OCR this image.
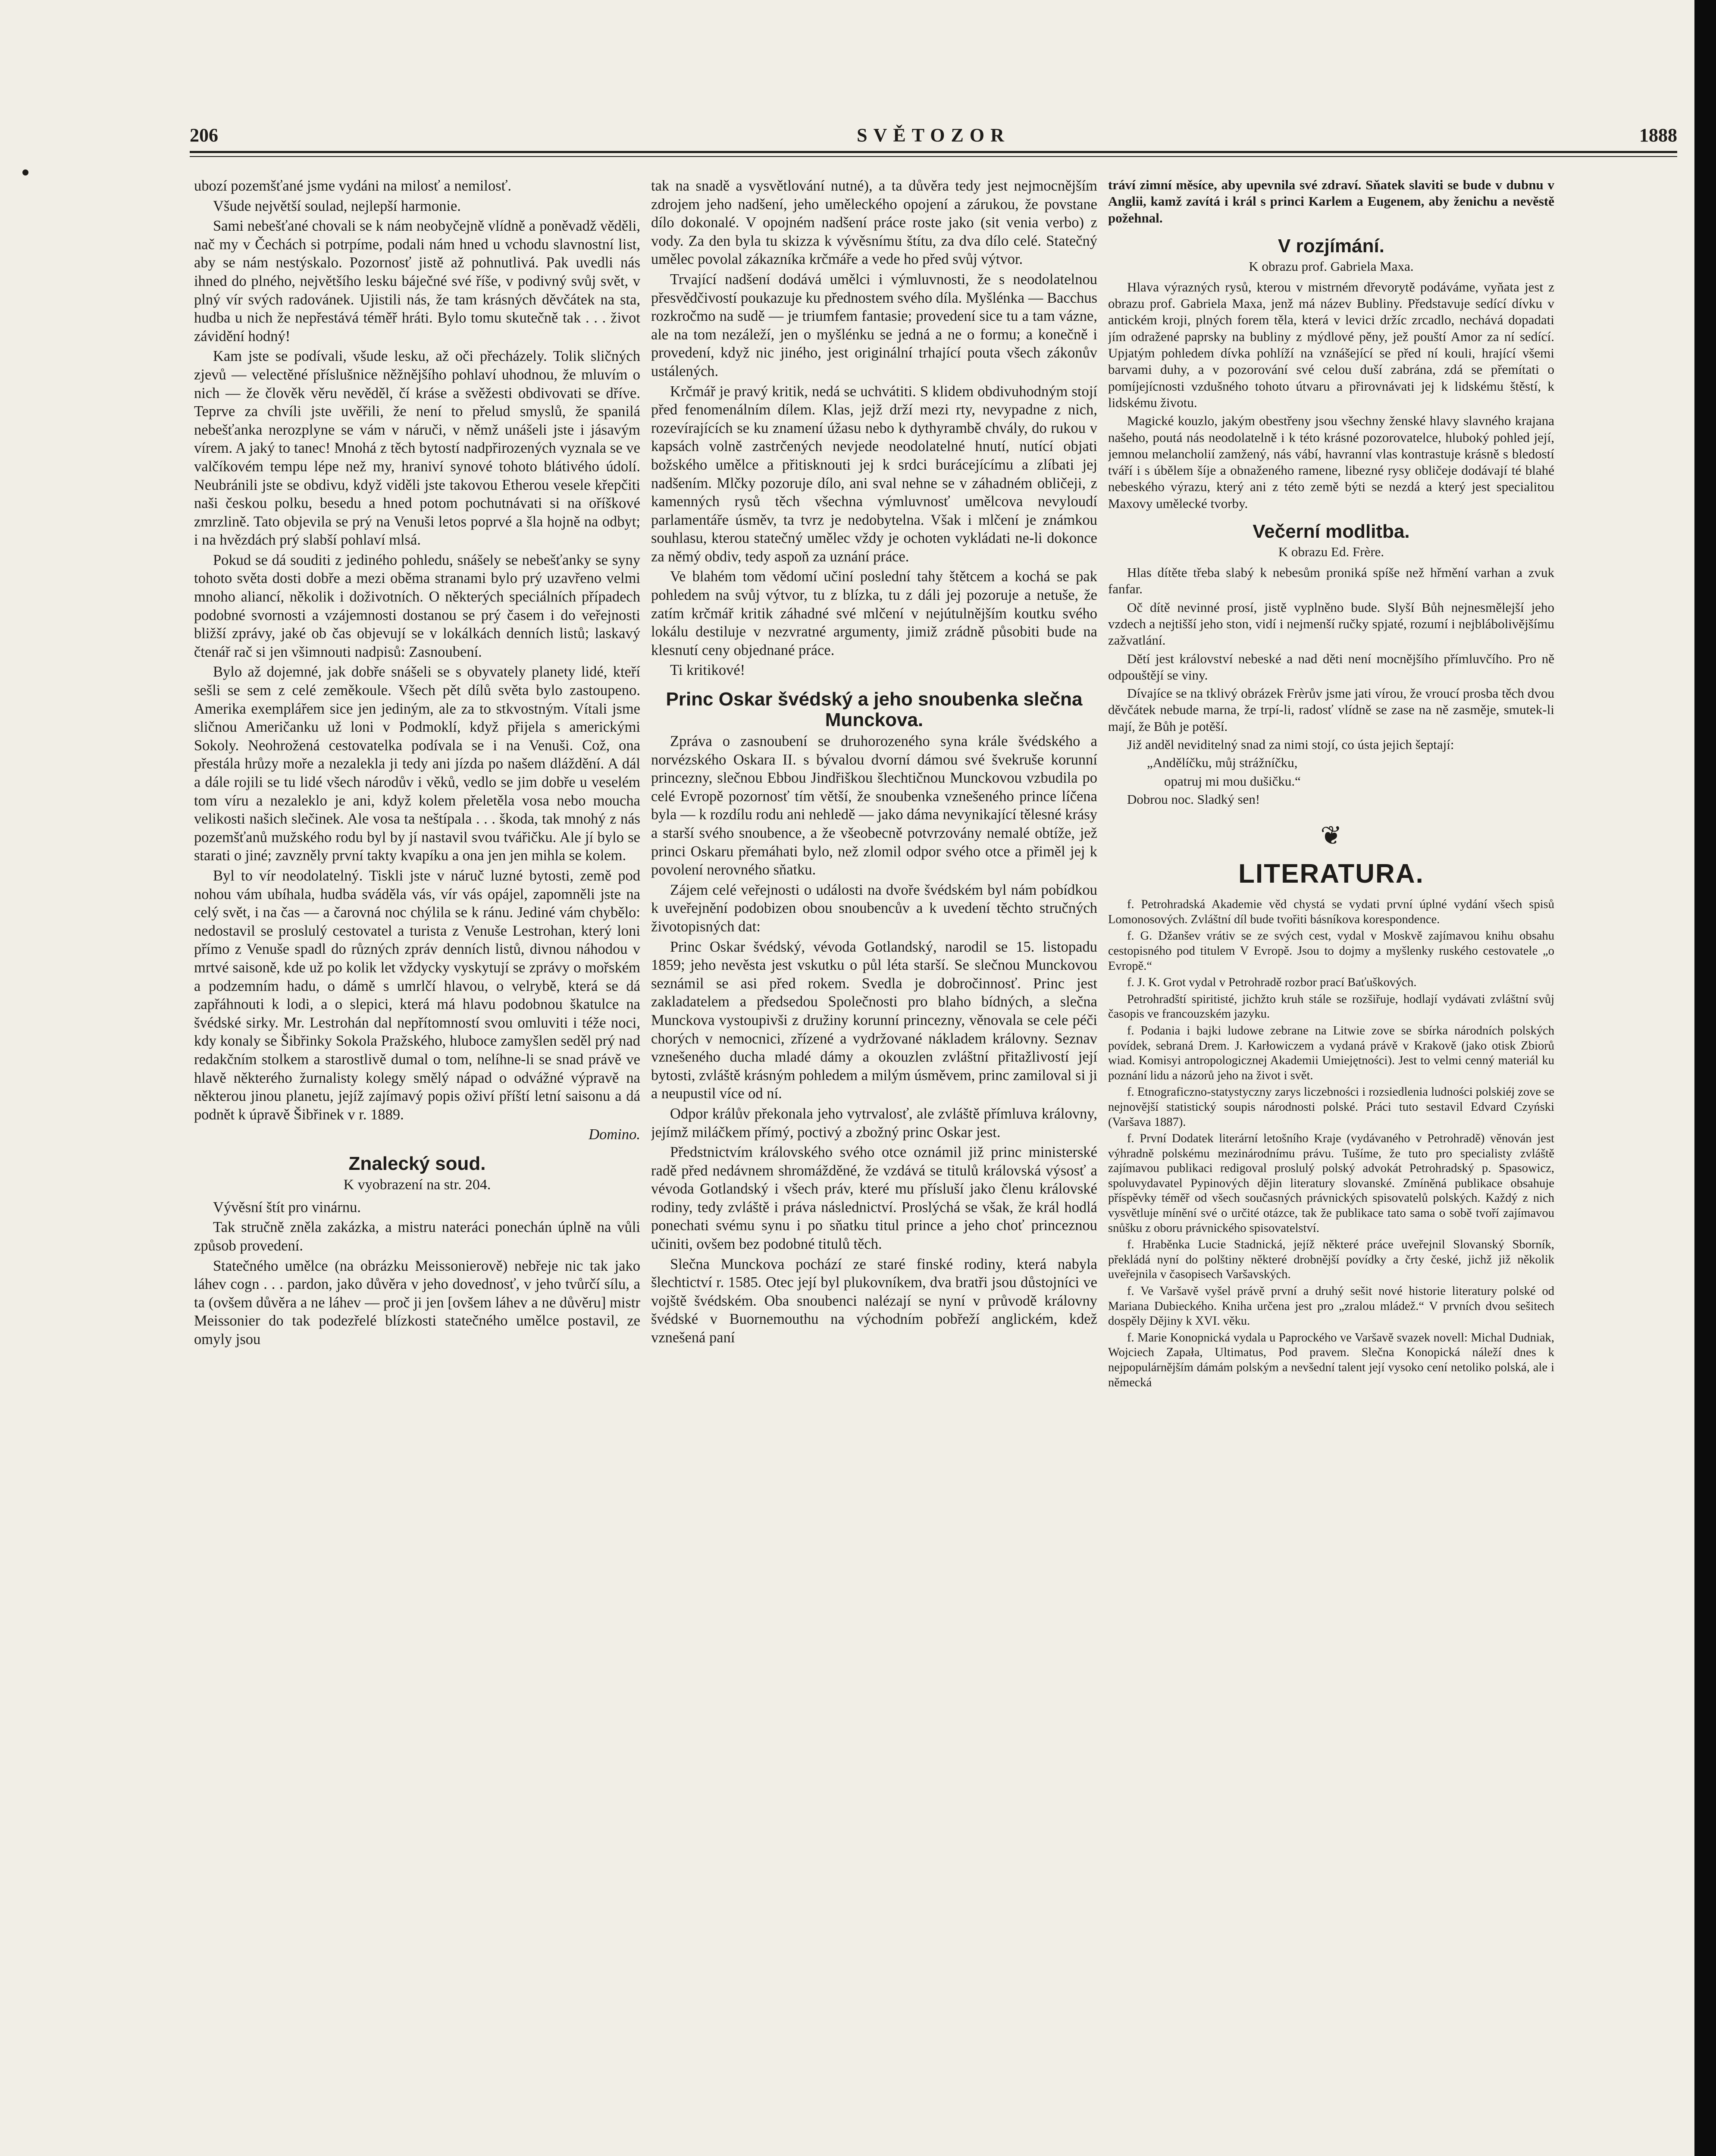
206	SVĚTOZOR	1888

ubozí pozemšťané jsme vydáni na milosť a nemilosť.

Všude největší soulad, nejlepší harmonie.

Sami nebešťané chovali se k nám neobyčejně vlídně a poněvadž věděli, nač my v Čechách si potrpíme, podali nám hned u vchodu slavnostní list, aby se nám nestýskalo. Pozornosť jistě až pohnutlivá. Pak uvedli nás ihned do plného, největšího lesku báječné své říše, v podivný svůj svět, v plný vír svých radovánek. Ujistili nás, že tam krásných děvčátek na sta, hudba u nich že nepřestává téměř hráti. Bylo tomu skutečně tak . . . život závidění hodný!

Kam jste se podívali, všude lesku, až oči přecházely. Tolik sličných zjevů — velectěné příslušnice něžnějšího pohlaví uhodnou, že mluvím o nich — že člověk věru nevěděl, čí kráse a svěžesti obdivovati se dříve. Teprve za chvíli jste uvěřili, že není to přelud smyslů, že spanilá nebešťanka nerozplyne se vám v náruči, v němž unášeli jste i jásavým vírem. A jaký to tanec! Mnohá z těch bytostí nadpřirozených vyznala se ve valčíkovém tempu lépe než my, hraniví synové tohoto blátivého údolí. Neubránili jste se obdivu, když viděli jste takovou Etherou vesele křepčiti naši českou polku, besedu a hned potom pochutnávati si na oříškové zmrzlině. Tato objevila se prý na Venuši letos poprvé a šla hojně na odbyt; i na hvězdách prý slabší pohlaví mlsá.

Pokud se dá souditi z jediného pohledu, snášely se nebešťanky se syny tohoto světa dosti dobře a mezi oběma stranami bylo prý uzavřeno velmi mnoho aliancí, několik i doživotních. O některých speciálních případech podobné svornosti a vzájemnosti dostanou se prý časem i do veřejnosti bližší zprávy, jaké ob čas objevují se v lokálkách denních listů; laskavý čtenář rač si jen všimnouti nadpisů: Zasnoubení.

Bylo až dojemné, jak dobře snášeli se s obyvately planety lidé, kteří sešli se sem z celé zeměkoule. Všech pět dílů světa bylo zastoupeno. Amerika exemplářem sice jen jediným, ale za to stkvostným. Vítali jsme sličnou Američanku už loni v Podmoklí, když přijela s americkými Sokoly. Neohrožená cestovatelka podívala se i na Venuši. Což, ona přestála hrůzy moře a nezalekla ji tedy ani jízda po našem dláždění. A dál a dále rojili se tu lidé všech národův i věků, vedlo se jim dobře u veselém tom víru a nezaleklo je ani, když kolem přeletěla vosa nebo moucha velikosti našich slečinek. Ale vosa ta neštípala . . . škoda, tak mnohý z nás pozemšťanů mužského rodu byl by jí nastavil svou tvářičku. Ale jí bylo se starati o jiné; zavzněly první takty kvapíku a ona jen jen mihla se kolem.

Byl to vír neodolatelný. Tiskli jste v náruč luzné bytosti, země pod nohou vám ubíhala, hudba sváděla vás, vír vás opájel, zapomněli jste na celý svět, i na čas — a čarovná noc chýlila se k ránu. Jediné vám chybělo: nedostavil se proslulý cestovatel a turista z Venuše Lestrohan, který loni přímo z Venuše spadl do různých zpráv denních listů, divnou náhodou v mrtvé saisoně, kde už po kolik let vždycky vyskytují se zprávy o mořském a podzemním hadu, o dámě s umrlčí hlavou, o velrybě, která se dá zapřáhnouti k lodi, a o slepici, která má hlavu podobnou škatulce na švédské sirky. Mr. Lestrohán dal nepřítomností svou omluviti i téže noci, kdy konaly se Šibřinky Sokola Pražského, hluboce zamyšlen seděl prý nad redakčním stolkem a starostlivě dumal o tom, nelíhne-li se snad právě ve hlavě některého žurnalisty kolegy smělý nápad o odvážné výpravě na některou jinou planetu, jejíž zajímavý popis oživí příští letní saisonu a dá podnět k úpravě Šibřinek v r. 1889.

Domino.

Znalecký soud.

K vyobrazení na str. 204.

Vývěsní štít pro vinárnu.

Tak stručně zněla zakázka, a mistru nateráci ponechán úplně na vůli způsob provedení.

Statečného umělce (na obrázku Meissonierově) nebřeje nic tak jako láhev cogn . . . pardon, jako důvěra v jeho dovednosť, v jeho tvůrčí sílu, a ta (ovšem důvěra a ne láhev — proč ji jen [ovšem láhev a ne důvěru] mistr Meissonier do tak podezřelé blízkosti statečného umělce postavil, ze omyly jsou

tak na snadě a vysvětlování nutné), a ta důvěra tedy jest nejmocnějším zdrojem jeho nadšení, jeho uměleckého opojení a zárukou, že povstane dílo dokonalé. V opojném nadšení práce roste jako (sit venia verbo) z vody. Za den byla tu skizza k vývěsnímu štítu, za dva dílo celé. Statečný umělec povolal zákazníka krčmáře a vede ho před svůj výtvor.

Trvající nadšení dodává umělci i výmluvnosti, že s neodolatelnou přesvědčivostí poukazuje ku přednostem svého díla. Myšlénka — Bacchus rozkročmo na sudě — je triumfem fantasie; provedení sice tu a tam vázne, ale na tom nezáleží, jen o myšlénku se jedná a ne o formu; a konečně i provedení, když nic jiného, jest originální trhající pouta všech zákonův ustálených.

Krčmář je pravý kritik, nedá se uchvátiti. S klidem obdivuhodným stojí před fenomenálním dílem. Klas, jejž drží mezi rty, nevypadne z nich, rozevírajících se ku znamení úžasu nebo k dythyrambě chvály, do rukou v kapsách volně zastrčených nevjede neodolatelné hnutí, nutící objati božského umělce a přitisknouti jej k srdci burácejícímu a zlíbati jej nadšením. Mlčky pozoruje dílo, ani sval nehne se v záhadném obličeji, z kamenných rysů těch všechna výmluvnosť umělcova nevyloudí parlamentáře úsměv, ta tvrz je nedobytelna. Však i mlčení je známkou souhlasu, kterou statečný umělec vždy je ochoten vykládati ne-li dokonce za němý obdiv, tedy aspoň za uznání práce.

Ve blahém tom vědomí učiní poslední tahy štětcem a kochá se pak pohledem na svůj výtvor, tu z blízka, tu z dáli jej pozoruje a netuše, že zatím krčmář kritik záhadné své mlčení v nejútulnějším koutku svého lokálu destiluje v nezvratné argumenty, jimiž zrádně působiti bude na klesnutí ceny objednané práce.

Ti kritikové!

Princ Oskar švédský a jeho snoubenka slečna Munckova.

Zpráva o zasnoubení se druhorozeného syna krále švédského a norvézského Oskara II. s bývalou dvorní dámou své švekruše korunní princezny, slečnou Ebbou Jindřiškou šlechtičnou Munckovou vzbudila po celé Evropě pozornosť tím větší, že snoubenka vznešeného prince líčena byla — k rozdílu rodu ani nehledě — jako dáma nevynikající tělesné krásy a starší svého snoubence, a že všeobecně potvrzovány nemalé obtíže, jež princi Oskaru přemáhati bylo, než zlomil odpor svého otce a přiměl jej k povolení nerovného sňatku.

Zájem celé veřejnosti o události na dvoře švédském byl nám pobídkou k uveřejnění podobizen obou snoubencův a k uvedení těchto stručných životopisných dat:

Princ Oskar švédský, vévoda Gotlandský, narodil se 15. listopadu 1859; jeho nevěsta jest vskutku o půl léta starší. Se slečnou Munckovou seznámil se asi před rokem. Svedla je dobročinnosť. Princ jest zakladatelem a předsedou Společnosti pro blaho bídných, a slečna Munckova vystoupivši z družiny korunní princezny, věnovala se cele péči chorých v nemocnici, zřízené a vydržované nákladem královny. Seznav vznešeného ducha mladé dámy a okouzlen zvláštní přitažlivostí její bytosti, zvláště krásným pohledem a milým úsměvem, princ zamiloval si ji a neupustil více od ní.

Odpor králův překonala jeho vytrvalosť, ale zvláště přímluva královny, jejímž miláčkem přímý, poctivý a zbožný princ Oskar jest.

Předstnictvím královského svého otce oznámil již princ ministerské radě před nedávnem shromážděné, že vzdává se titulů královská výsosť a vévoda Gotlandský i všech práv, které mu přísluší jako členu královské rodiny, tedy zvláště i práva následnictví. Proslýchá se však, že král hodlá ponechati svému synu i po sňatku titul prince a jeho choť princeznou učiniti, ovšem bez podobné titulů těch.

Slečna Munckova pochází ze staré finské rodiny, která nabyla šlechtictví r. 1585. Otec její byl plukovníkem, dva bratři jsou důstojníci ve vojště švédském. Oba snoubenci nalézají se nyní v průvodě královny švédské v Buornemouthu na východním pobřeží anglickém, kdež vznešená paní

tráví zimní měsíce, aby upevnila své zdraví. Sňatek slaviti se bude v dubnu v Anglii, kamž zavítá i král s princi Karlem a Eugenem, aby ženichu a nevěstě požehnal.

V rozjímání.

K obrazu prof. Gabriela Maxa.

Hlava výrazných rysů, kterou v mistrném dřevorytě podáváme, vyňata jest z obrazu prof. Gabriela Maxa, jenž má název Bubliny. Představuje sedící dívku v antickém kroji, plných forem těla, která v levici držíc zrcadlo, nechává dopadati jím odražené paprsky na bubliny z mýdlové pěny, jež pouští Amor za ní sedící. Upjatým pohledem dívka pohlíží na vznášející se před ní kouli, hrající všemi barvami duhy, a v pozorování své celou duší zabrána, zdá se přemítati o pomíjejícnosti vzdušného tohoto útvaru a přirovnávati jej k lidskému štěstí, k lidskému životu.

Magické kouzlo, jakým obestřeny jsou všechny ženské hlavy slavného krajana našeho, poutá nás neodolatelně i k této krásné pozorovatelce, hluboký pohled její, jemnou melancholií zamžený, nás vábí, havranní vlas kontrastuje krásně s bledostí tváří i s úbělem šíje a obnaženého ramene, libezné rysy obličeje dodávají té blahé nebeského výrazu, který ani z této země býti se nezdá a který jest specialitou Maxovy umělecké tvorby.

Večerní modlitba.

K obrazu Ed. Frère.

Hlas dítěte třeba slabý k nebesům proniká spíše než hřmění varhan a zvuk fanfar.

Oč dítě nevinné prosí, jistě vyplněno bude. Slyší Bůh nejnesmělejší jeho vzdech a nejtišší jeho ston, vidí i nejmenší ručky spjaté, rozumí i nejblábolivějšímu zažvatlání.

Dětí jest království nebeské a nad děti není mocnějšího přímluvčího. Pro ně odpouštějí se viny.

Dívajíce se na tklivý obrázek Frèrův jsme jati vírou, že vroucí prosba těch dvou děvčátek nebude marna, že trpí-li, radosť vlídně se zase na ně zasměje, smutek-li mají, že Bůh je potěší.

Již anděl neviditelný snad za nimi stojí, co ústa jejich šeptají:

„Andělíčku, můj strážníčku,

opatruj mi mou dušičku.“

Dobrou noc. Sladký sen!

❦
LITERATURA.

f. Petrohradská Akademie věd chystá se vydati první úplné vydání všech spisů Lomonosových. Zvláštní díl bude tvořiti básníkova korespondence.

f. G. Džanšev vrátiv se ze svých cest, vydal v Moskvě zajímavou knihu obsahu cestopisného pod titulem V Evropě. Jsou to dojmy a myšlenky ruského cestovatele „o Evropě.“

f. J. K. Grot vydal v Petrohradě rozbor prací Baťuškových.

Petrohradští spiritisté, jichžto kruh stále se rozšiřuje, hodlají vydávati zvláštní svůj časopis ve francouzském jazyku.

f. Podania i bajki ludowe zebrane na Litwie zove se sbírka národních polských povídek, sebraná Drem. J. Karłowiczem a vydaná právě v Krakově (jako otisk Zbiorů wiad. Komisyi antropologicznej Akademii Umiejętności). Jest to velmi cenný materiál ku poznání lidu a názorů jeho na život i svět.

f. Etnograficzno-statystyczny zarys liczebności i rozsiedlenia ludności polskiéj zove se nejnovější statistický soupis národnosti polské. Práci tuto sestavil Edvard Czyński (Varšava 1887).

f. První Dodatek literární letošního Kraje (vydávaného v Petrohradě) věnován jest výhradně polskému mezinárodnímu právu. Tušíme, že tuto pro specialisty zvláště zajímavou publikaci redigoval proslulý polský advokát Petrohradský p. Spasowicz, spoluvydavatel Pypinových dějin literatury slovanské. Zmíněná publikace obsahuje příspěvky téměř od všech současných právnických spisovatelů polských. Každý z nich vysvětluje mínění své o určité otázce, tak že publikace tato sama o sobě tvoří zajímavou snůšku z oboru právnického spisovatelství.

f. Hraběnka Lucie Stadnická, jejíž některé práce uveřejnil Slovanský Sborník, překládá nyní do polštiny některé drobnější povídky a črty české, jichž již několik uveřejnila v časopisech Varšavských.

f. Ve Varšavě vyšel právě první a druhý sešit nové historie literatury polské od Mariana Dubieckého. Kniha určena jest pro „zralou mládež.“ V prvních dvou sešitech dospěly Dějiny k XVI. věku.

f. Marie Konopnická vydala u Paprockého ve Varšavě svazek novell: Michal Dudniak, Wojciech Zapała, Ultimatus, Pod pravem. Slečna Konopická náleží dnes k nejpopulárnějším dámám polským a nevšední talent její vysoko cení netoliko polská, ale i německá
